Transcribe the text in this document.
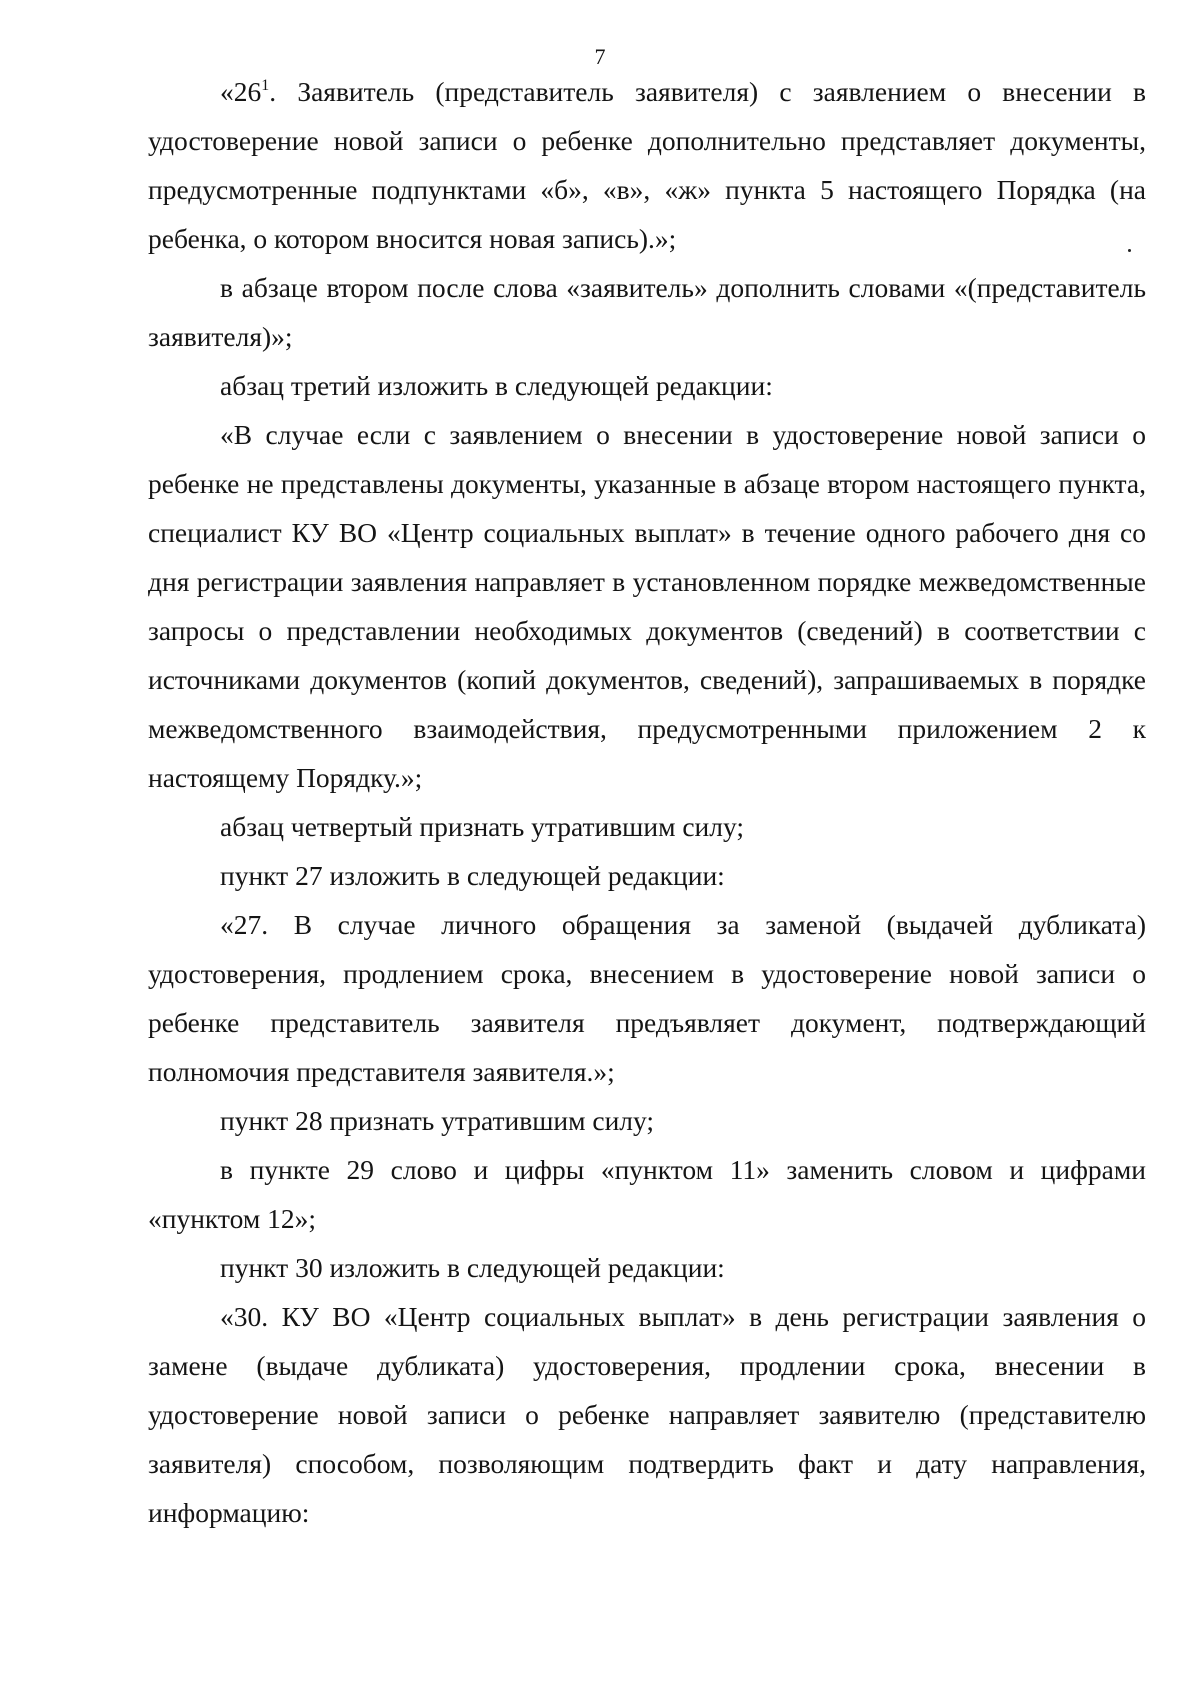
7

«$26^1$. Заявитель (представитель заявителя) с заявлением о внесении в удостоверение новой записи о ребенке дополнительно представляет документы, предусмотренные подпунктами «б», «в», «ж» пункта 5 настоящего Порядка (на ребенка, о котором вносится новая запись).»;

в абзаце втором после слова «заявитель» дополнить словами «(представитель заявителя)»;

абзац третий изложить в следующей редакции:

«В случае если с заявлением о внесении в удостоверение новой записи о ребенке не представлены документы, указанные в абзаце втором настоящего пункта, специалист КУ ВО «Центр социальных выплат» в течение одного рабочего дня со дня регистрации заявления направляет в установленном порядке межведомственные запросы о представлении необходимых документов (сведений) в соответствии с источниками документов (копий документов, сведений), запрашиваемых в порядке межведомственного взаимодействия, предусмотренными приложением 2 к настоящему Порядку.»;

абзац четвертый признать утратившим силу;

пункт 27 изложить в следующей редакции:

«27. В случае личного обращения за заменой (выдачей дубликата) удостоверения, продлением срока, внесением в удостоверение новой записи о ребенке представитель заявителя предъявляет документ, подтверждающий полномочия представителя заявителя.»;

пункт 28 признать утратившим силу;

в пункте 29 слово и цифры «пунктом 11» заменить словом и цифрами «пунктом 12»;

пункт 30 изложить в следующей редакции:

«30. КУ ВО «Центр социальных выплат» в день регистрации заявления о замене (выдаче дубликата) удостоверения, продлении срока, внесении в удостоверение новой записи о ребенке направляет заявителю (представителю заявителя) способом, позволяющим подтвердить факт и дату направления, информацию:
